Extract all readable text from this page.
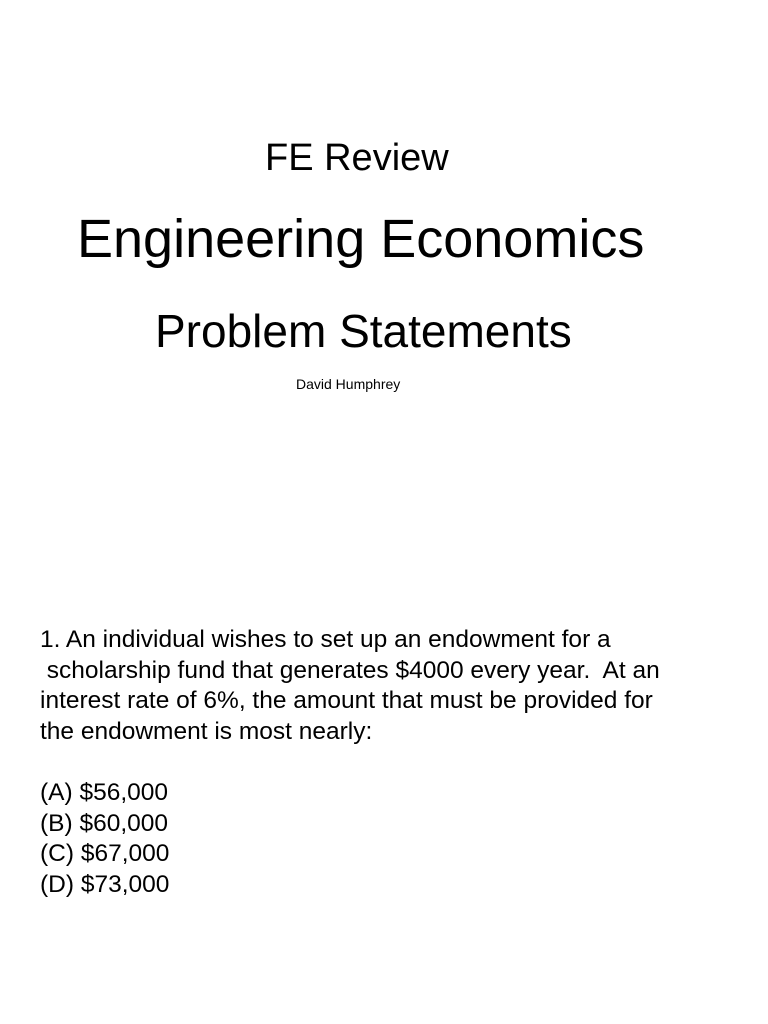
FE Review
Engineering Economics
Problem Statements
David Humphrey
1. An individual wishes to set up an endowment for a
scholarship fund that generates $4000 every year.  At an
interest rate of 6%, the amount that must be provided for
the endowment is most nearly:
(A) $56,000
(B) $60,000
(C) $67,000
(D) $73,000
